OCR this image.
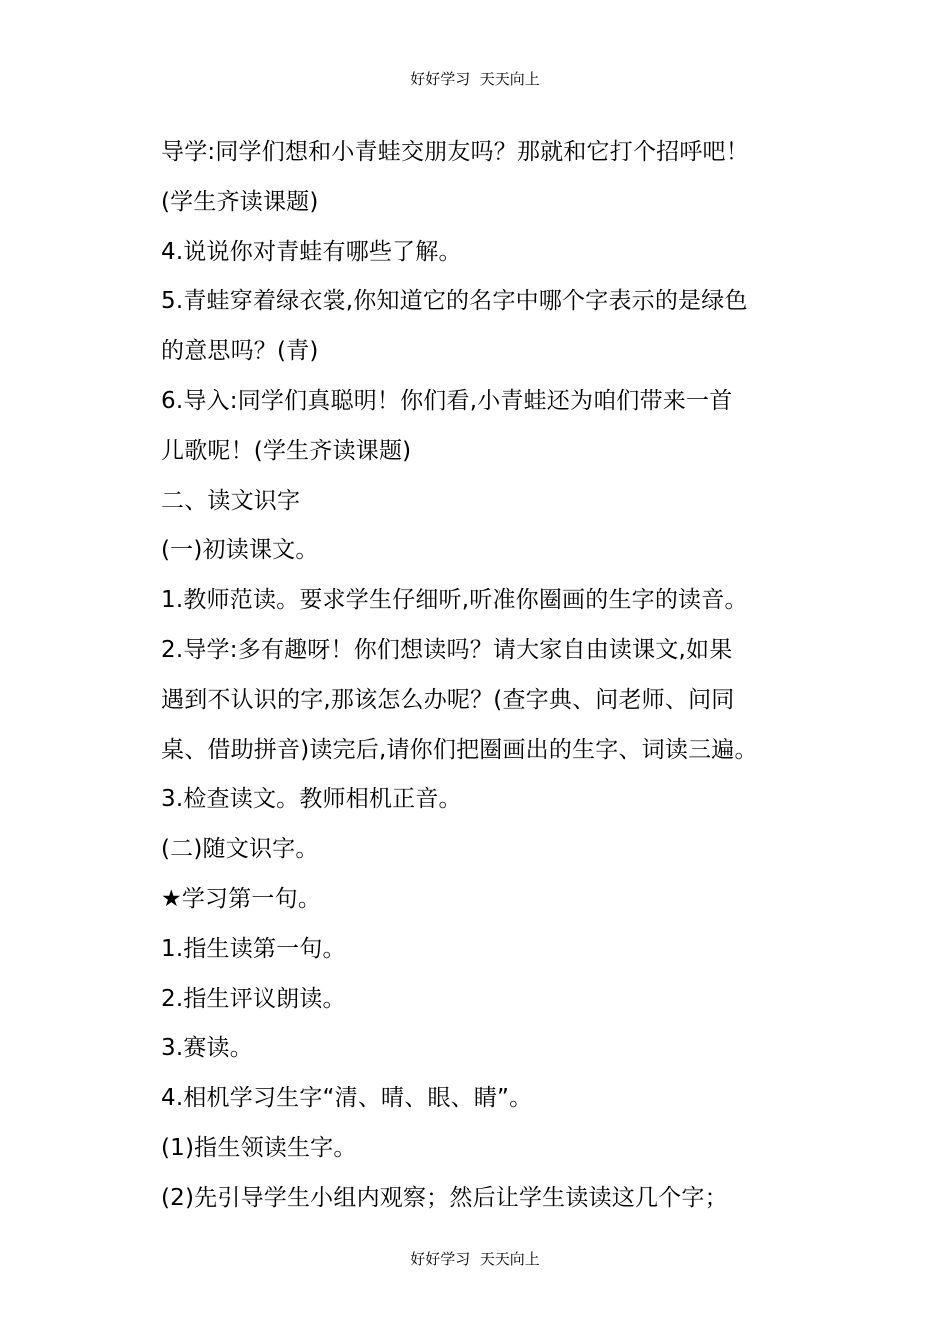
好好学习  天天向上
导学:同学们想和小青蛙交朋友吗？那就和它打个招呼吧！
(学生齐读课题)
4.说说你对青蛙有哪些了解。
5.青蛙穿着绿衣裳,你知道它的名字中哪个字表示的是绿色
的意思吗？(青)
6.导入:同学们真聪明！你们看,小青蛙还为咱们带来一首
儿歌呢！(学生齐读课题)
二、读文识字
(一)初读课文。
1.教师范读。要求学生仔细听,听准你圈画的生字的读音。
2.导学:多有趣呀！你们想读吗？请大家自由读课文,如果
遇到不认识的字,那该怎么办呢？(查字典、问老师、问同
桌、借助拼音)读完后,请你们把圈画出的生字、词读三遍。
3.检查读文。教师相机正音。
(二)随文识字。
★学习第一句。
1.指生读第一句。
2.指生评议朗读。
3.赛读。
4.相机学习生字“清、晴、眼、睛”。
(1)指生领读生字。
(2)先引导学生小组内观察；然后让学生读读这几个字；
好好学习  天天向上
